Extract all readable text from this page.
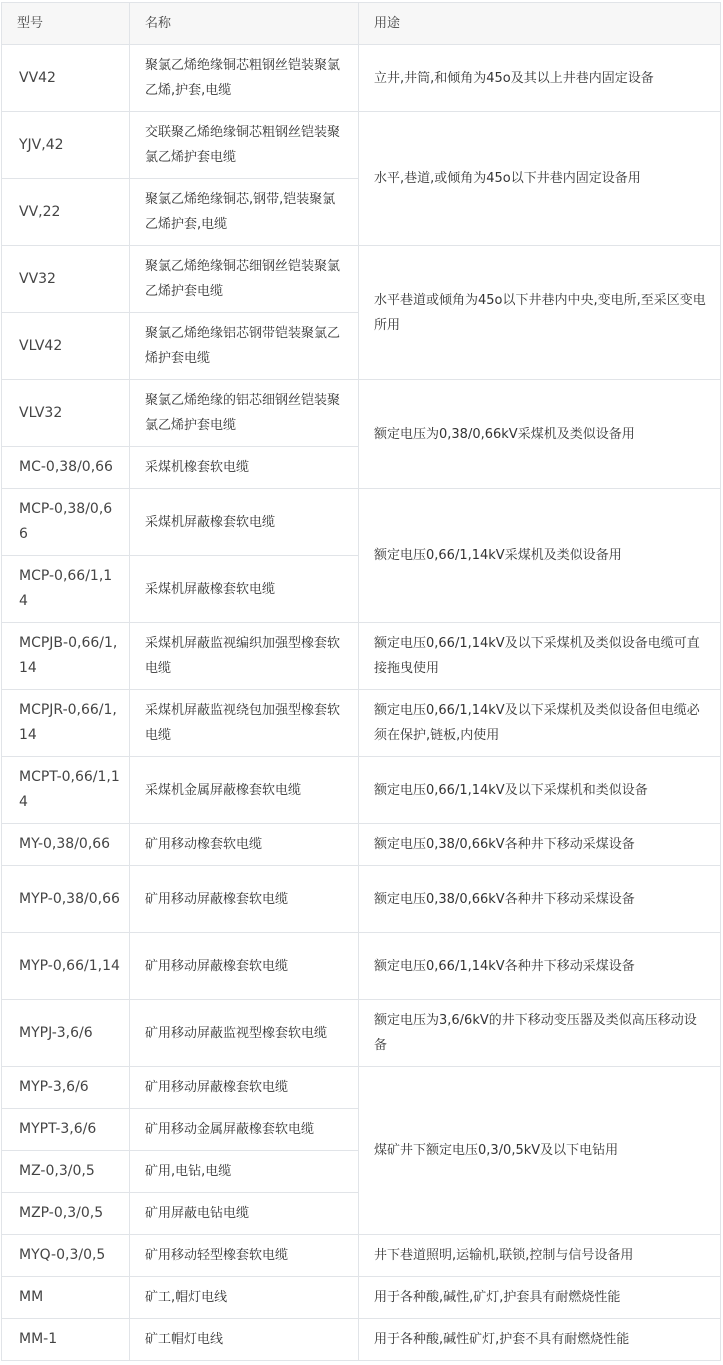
型号	名称	用途
VV42	聚氯乙烯绝缘铜芯粗钢丝铠装聚氯乙烯,护套,电缆	立井,井筒,和倾角为45o及其以上井巷内固定设备
YJV,42	交联聚乙烯绝缘铜芯粗钢丝铠装聚氯乙烯护套电缆	水平,巷道,或倾角为45o以下井巷内固定设备用
VV,22	聚氯乙烯绝缘铜芯,钢带,铠装聚氯乙烯护套,电缆	
VV32	聚氯乙烯绝缘铜芯细钢丝铠装聚氯乙烯护套电缆	水平巷道或倾角为45o以下井巷内中央,变电所,至采区变电所用
VLV42	聚氯乙烯绝缘铝芯钢带铠装聚氯乙烯护套电缆	
VLV32	聚氯乙烯绝缘的铝芯细钢丝铠装聚氯乙烯护套电缆	额定电压为0,38/0,66kV采煤机及类似设备用
MC-0,38/0,66	采煤机橡套软电缆	
MCP-0,38/0,66	采煤机屏蔽橡套软电缆	额定电压0,66/1,14kV采煤机及类似设备用
MCP-0,66/1,14	采煤机屏蔽橡套软电缆	
MCPJB-0,66/1,14	采煤机屏蔽监视编织加强型橡套软电缆	额定电压0,66/1,14kV及以下采煤机及类似设备电缆可直接拖曳使用
MCPJR-0,66/1,14	采煤机屏蔽监视绕包加强型橡套软电缆	额定电压0,66/1,14kV及以下采煤机及类似设备但电缆必须在保护,链板,内使用
MCPT-0,66/1,14	采煤机金属屏蔽橡套软电缆	额定电压0,66/1,14kV及以下采煤机和类似设备
MY-0,38/0,66	矿用移动橡套软电缆	额定电压0,38/0,66kV各种井下移动采煤设备
MYP-0,38/0,66	矿用移动屏蔽橡套软电缆	额定电压0,38/0,66kV各种井下移动采煤设备
MYP-0,66/1,14	矿用移动屏蔽橡套软电缆	额定电压0,66/1,14kV各种井下移动采煤设备
MYPJ-3,6/6	矿用移动屏蔽监视型橡套软电缆	额定电压为3,6/6kV的井下移动变压器及类似高压移动设备
MYP-3,6/6	矿用移动屏蔽橡套软电缆	煤矿井下额定电压0,3/0,5kV及以下电钻用
MYPT-3,6/6	矿用移动金属屏蔽橡套软电缆	
MZ-0,3/0,5	矿用,电钻,电缆	
MZP-0,3/0,5	矿用屏蔽电钻电缆	
MYQ-0,3/0,5	矿用移动轻型橡套软电缆	井下巷道照明,运输机,联锁,控制与信号设备用
MM	矿工,帽灯电线	用于各种酸,碱性,矿灯,护套具有耐燃烧性能
MM-1	矿工帽灯电线	用于各种酸,碱性矿灯,护套不具有耐燃烧性能
